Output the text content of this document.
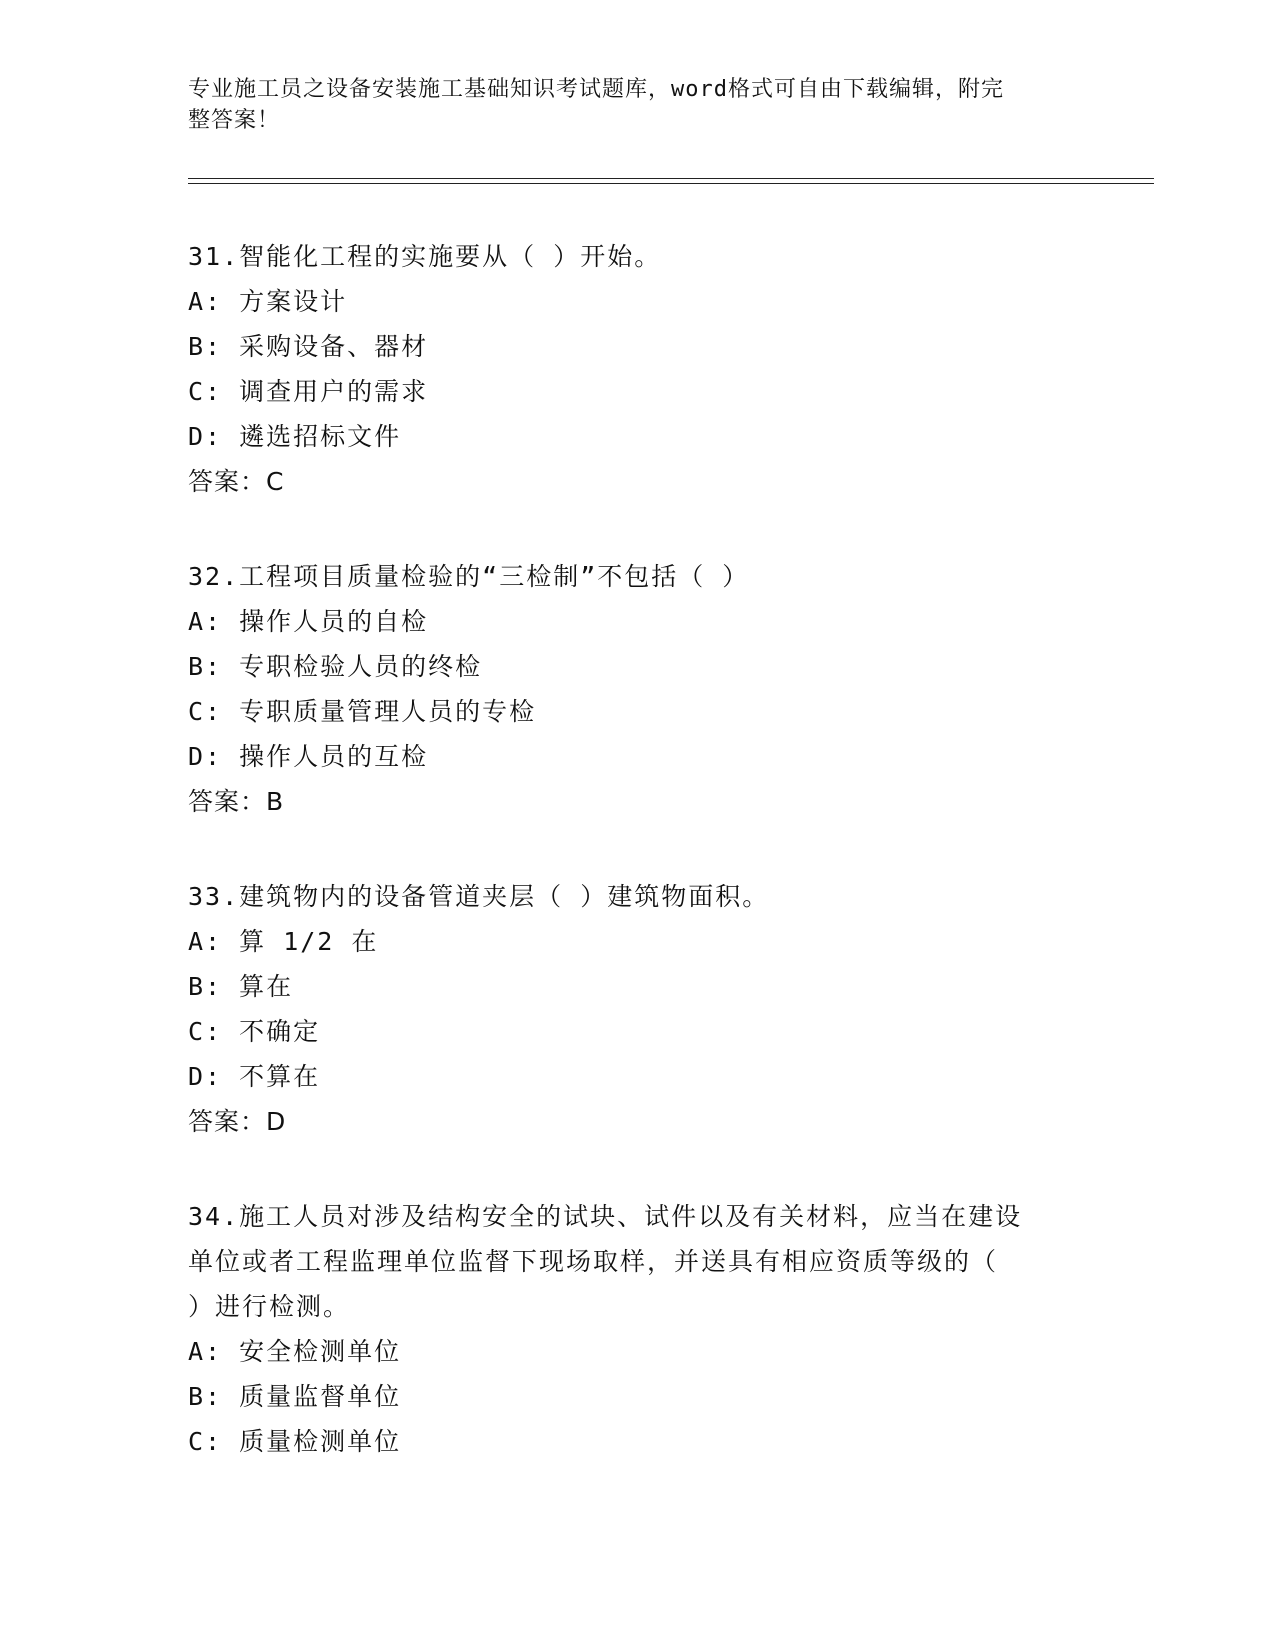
专业施工员之设备安装施工基础知识考试题库，word格式可自由下载编辑，附完
整答案！
31.智能化工程的实施要从（ ）开始。
A: 方案设计
B: 采购设备、器材
C: 调查用户的需求
D: 遴选招标文件
答案：C
32.工程项目质量检验的“三检制”不包括（ ）
A: 操作人员的自检
B: 专职检验人员的终检
C: 专职质量管理人员的专检
D: 操作人员的互检
答案：B
33.建筑物内的设备管道夹层（ ）建筑物面积。
A: 算 1/2 在
B: 算在
C: 不确定
D: 不算在
答案：D
34.施工人员对涉及结构安全的试块、试件以及有关材料，应当在建设
单位或者工程监理单位监督下现场取样，并送具有相应资质等级的（
）进行检测。
A: 安全检测单位
B: 质量监督单位
C: 质量检测单位
